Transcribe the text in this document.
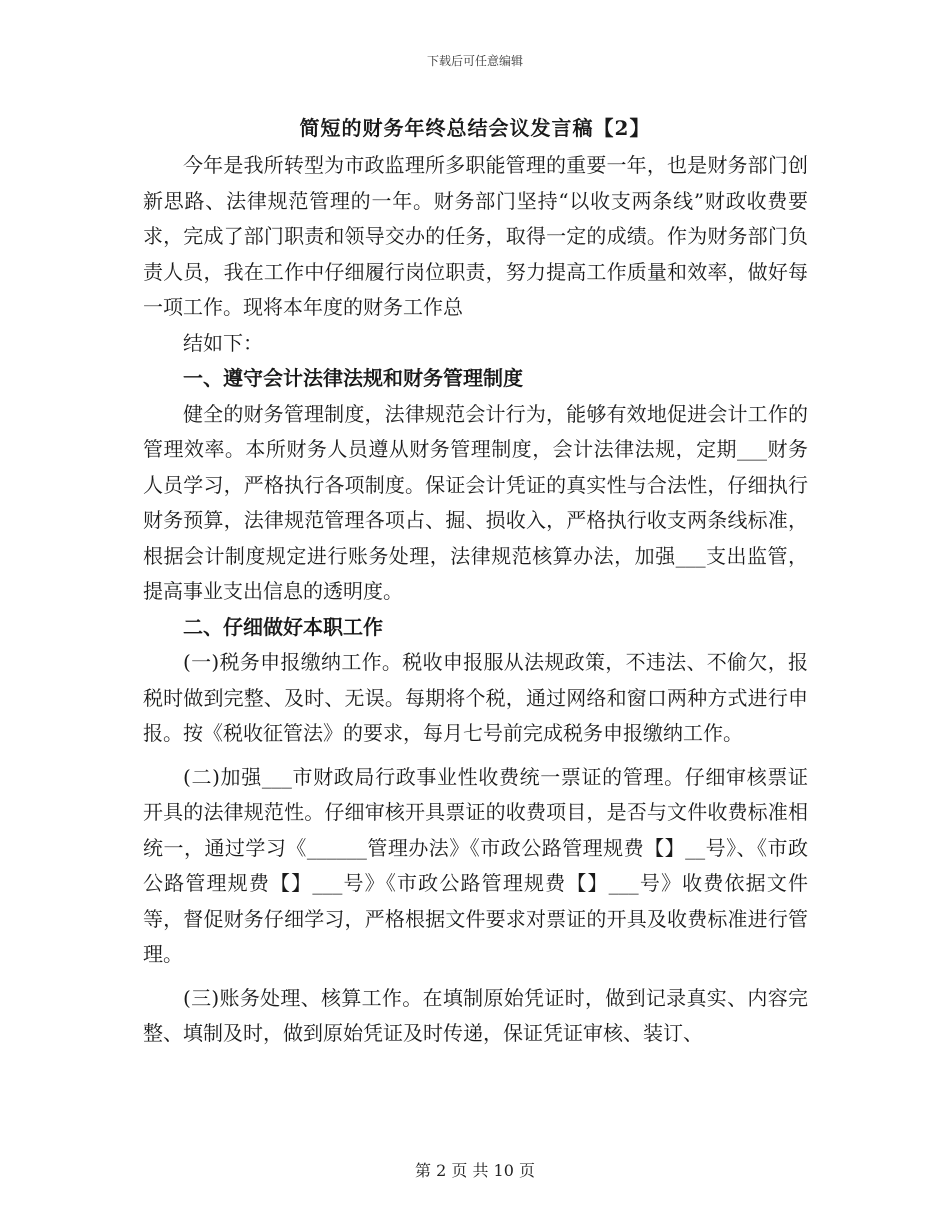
下载后可任意编辑
简短的财务年终总结会议发言稿【2】

今年是我所转型为市政监理所多职能管理的重要一年，也是财务部门创新思路、法律规范管理的一年。财务部门坚持“以收支两条线”财政收费要求，完成了部门职责和领导交办的任务，取得一定的成绩。作为财务部门负责人员，我在工作中仔细履行岗位职责，努力提高工作质量和效率，做好每一项工作。现将本年度的财务工作总

结如下：

一、遵守会计法律法规和财务管理制度

健全的财务管理制度，法律规范会计行为，能够有效地促进会计工作的管理效率。本所财务人员遵从财务管理制度，会计法律法规，定期___财务人员学习，严格执行各项制度。保证会计凭证的真实性与合法性，仔细执行财务预算，法律规范管理各项占、掘、损收入，严格执行收支两条线标准，根据会计制度规定进行账务处理，法律规范核算办法，加强___支出监管，提高事业支出信息的透明度。

二、仔细做好本职工作

(一)税务申报缴纳工作。税收申报服从法规政策，不违法、不偷欠，报税时做到完整、及时、无误。每期将个税，通过网络和窗口两种方式进行申报。按《税收征管法》的要求，每月七号前完成税务申报缴纳工作。

(二)加强___市财政局行政事业性收费统一票证的管理。仔细审核票证开具的法律规范性。仔细审核开具票证的收费项目，是否与文件收费标准相统一，通过学习《______管理办法》《市政公路管理规费【】__号》、《市政公路管理规费【】___号》《市政公路管理规费【】___号》收费依据文件等，督促财务仔细学习，严格根据文件要求对票证的开具及收费标准进行管理。

(三)账务处理、核算工作。在填制原始凭证时，做到记录真实、内容完整、填制及时，做到原始凭证及时传递，保证凭证审核、装订、

第 2 页 共 10 页
